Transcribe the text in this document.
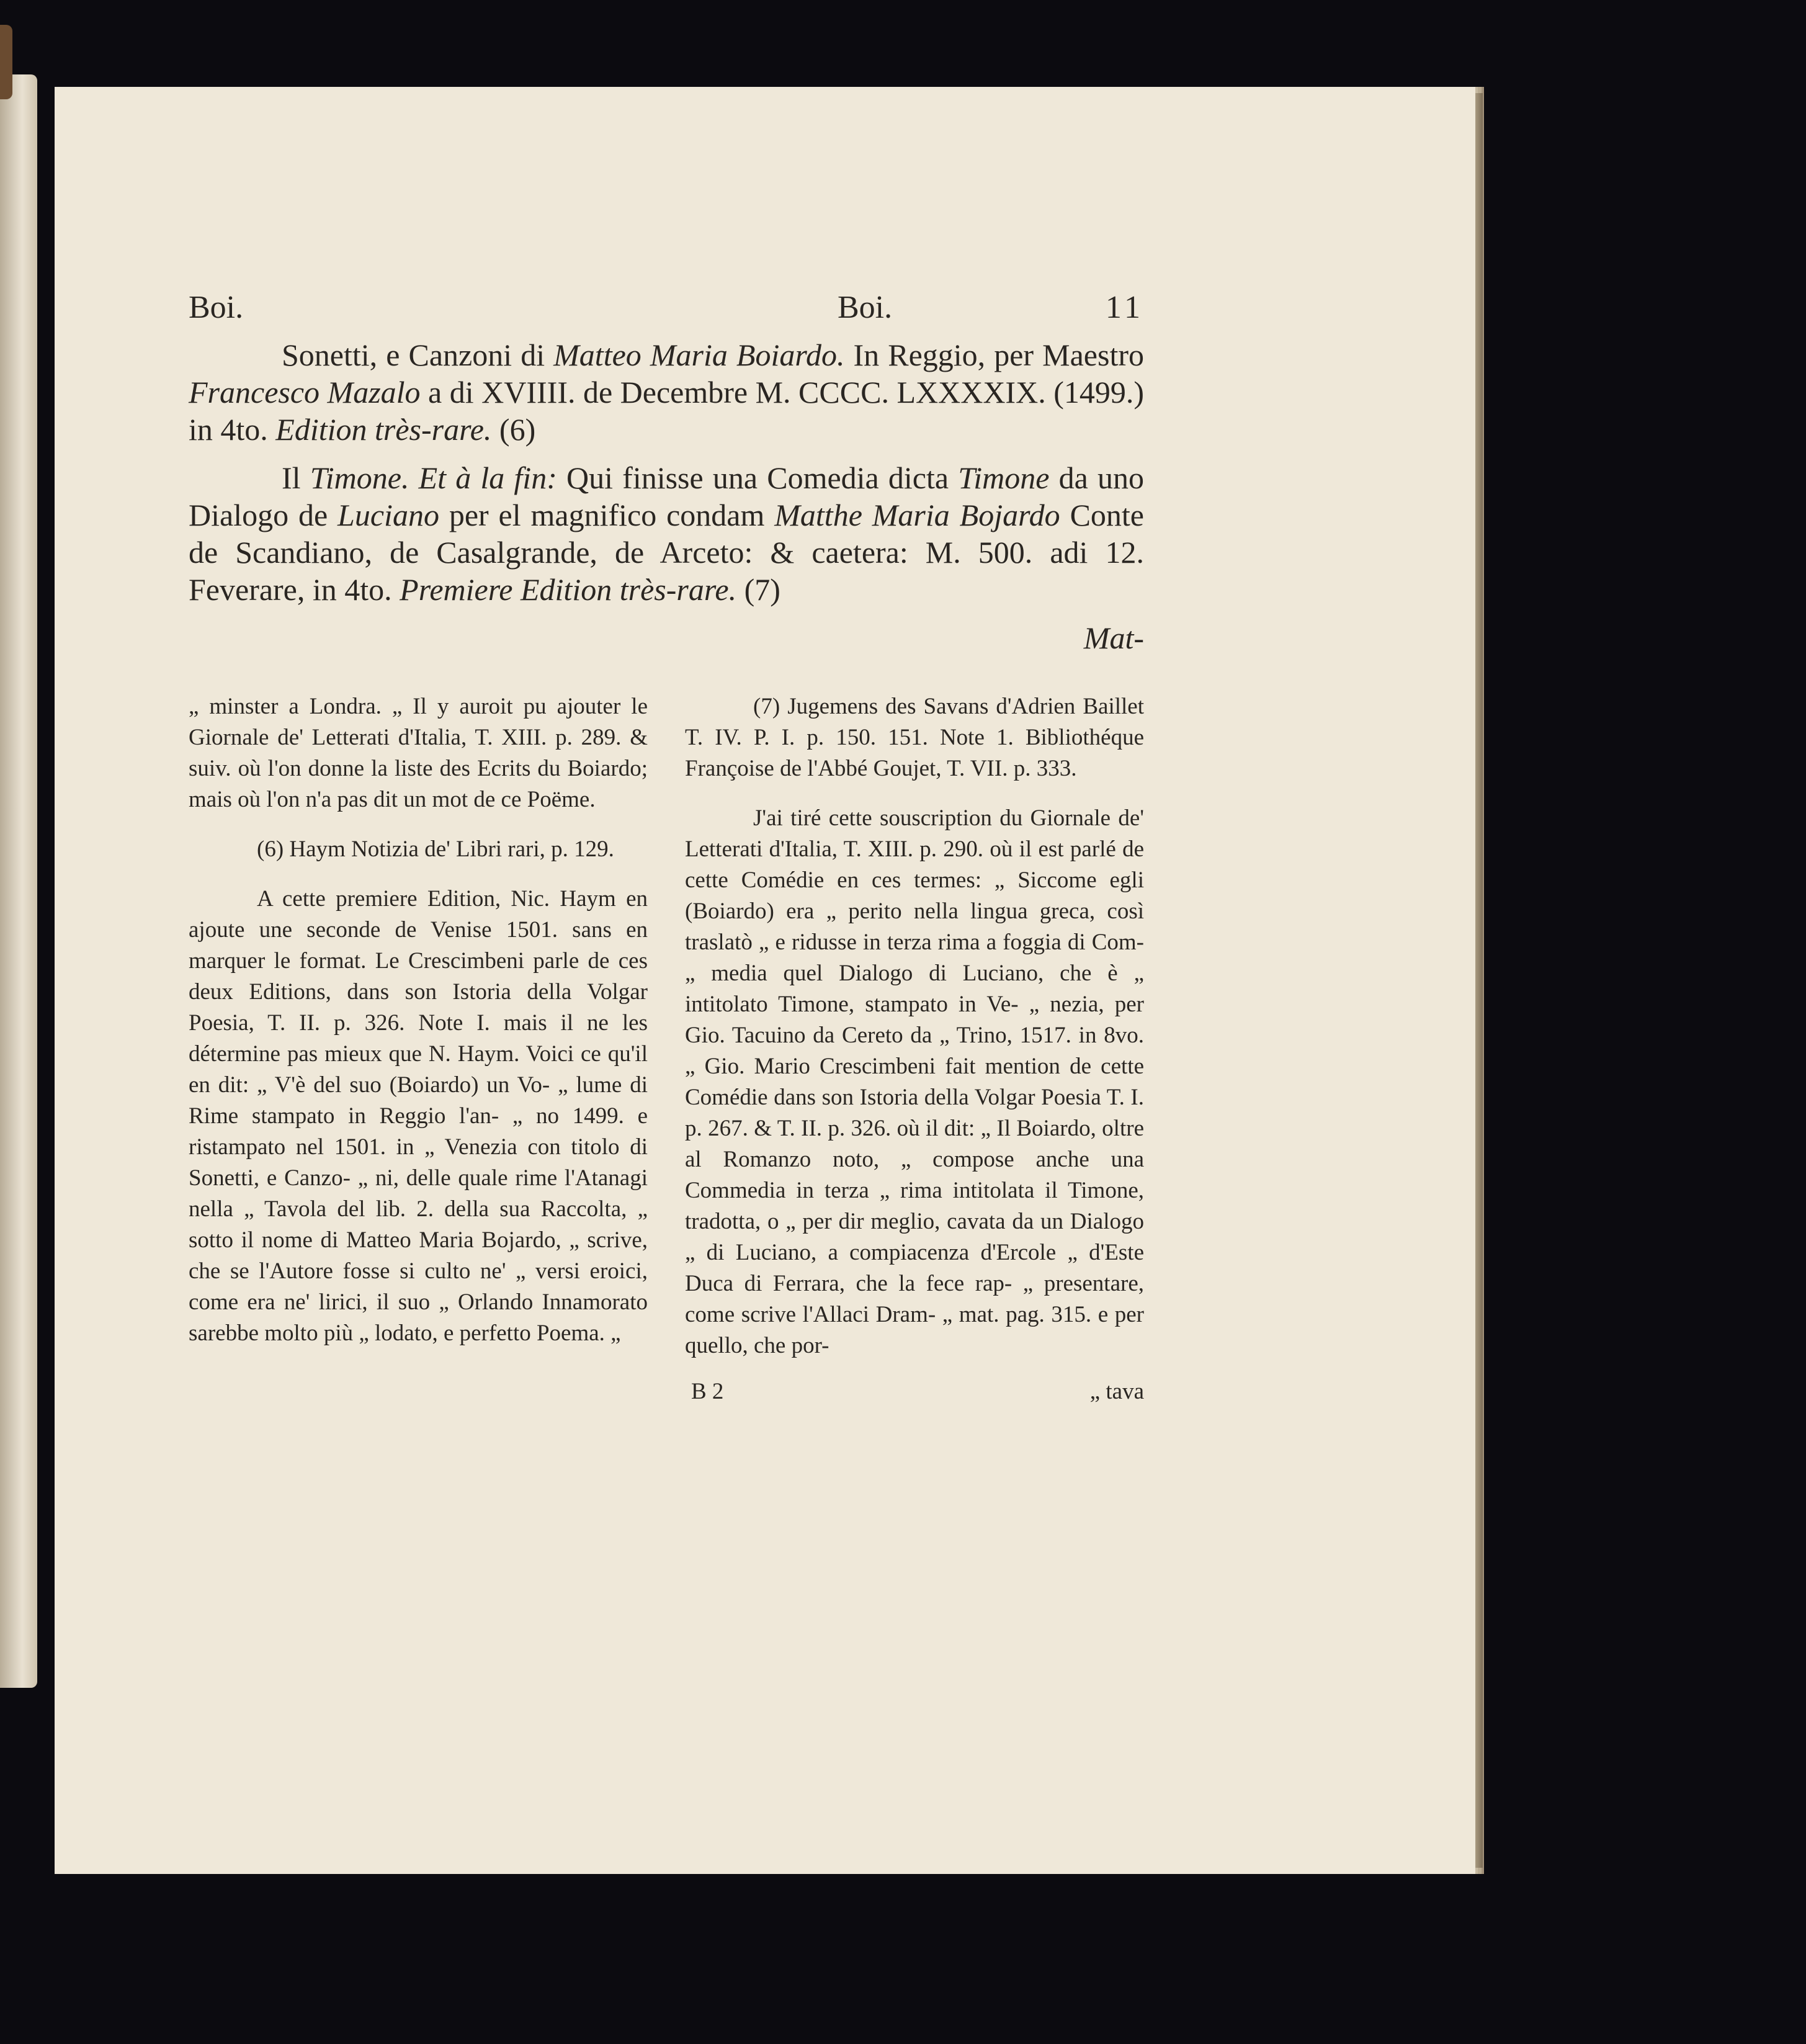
Boi.	Boi.	11

Sonetti, e Canzoni di Matteo Maria Boiardo. In Reggio, per Maestro Francesco Mazalo a di XVIIII. de Decembre M. CCCC. LXXXXIX. (1499.) in 4to. Edition très-rare. (6)

Il Timone. Et à la fin: Qui finisse una Comedia dicta Timone da uno Dialogo de Luciano per el magnifico condam Matthe Maria Bojardo Conte de Scandiano, de Casalgrande, de Arceto: & caetera: M. 500. adi 12. Feverare, in 4to. Premiere Edition très-rare. (7)

Mat-

„ minster a Londra. „ Il y auroit pu ajouter le Giornale de' Letterati d'Italia, T. XIII. p. 289. & suiv. où l'on donne la liste des Ecrits du Boiardo; mais où l'on n'a pas dit un mot de ce Poëme.

(6) Haym Notizia de' Libri rari, p. 129.

A cette premiere Edition, Nic. Haym en ajoute une seconde de Venise 1501. sans en marquer le format. Le Crescimbeni parle de ces deux Editions, dans son Istoria della Volgar Poesia, T. II. p. 326. Note I. mais il ne les détermine pas mieux que N. Haym. Voici ce qu'il en dit: „ V'è del suo (Boiardo) un Vo- „ lume di Rime stampato in Reggio l'an- „ no 1499. e ristampato nel 1501. in „ Venezia con titolo di Sonetti, e Canzo- „ ni, delle quale rime l'Atanagi nella „ Tavola del lib. 2. della sua Raccolta, „ sotto il nome di Matteo Maria Bojardo, „ scrive, che se l'Autore fosse si culto ne' „ versi eroici, come era ne' lirici, il suo „ Orlando Innamorato sarebbe molto più „ lodato, e perfetto Poema. „

(7) Jugemens des Savans d'Adrien Baillet T. IV. P. I. p. 150. 151. Note 1. Bibliothéque Françoise de l'Abbé Goujet, T. VII. p. 333.

J'ai tiré cette souscription du Giornale de' Letterati d'Italia, T. XIII. p. 290. où il est parlé de cette Comédie en ces termes: „ Siccome egli (Boiardo) era „ perito nella lingua greca, così traslatò „ e ridusse in terza rima a foggia di Com- „ media quel Dialogo di Luciano, che è „ intitolato Timone, stampato in Ve- „ nezia, per Gio. Tacuino da Cereto da „ Trino, 1517. in 8vo. „ Gio. Mario Crescimbeni fait mention de cette Comédie dans son Istoria della Volgar Poesia T. I. p. 267. & T. II. p. 326. où il dit: „ Il Boiardo, oltre al Romanzo noto, „ compose anche una Commedia in terza „ rima intitolata il Timone, tradotta, o „ per dir meglio, cavata da un Dialogo „ di Luciano, a compiacenza d'Ercole „ d'Este Duca di Ferrara, che la fece rap- „ presentare, come scrive l'Allaci Dram- „ mat. pag. 315. e per quello, che por-

B 2	„ tava
